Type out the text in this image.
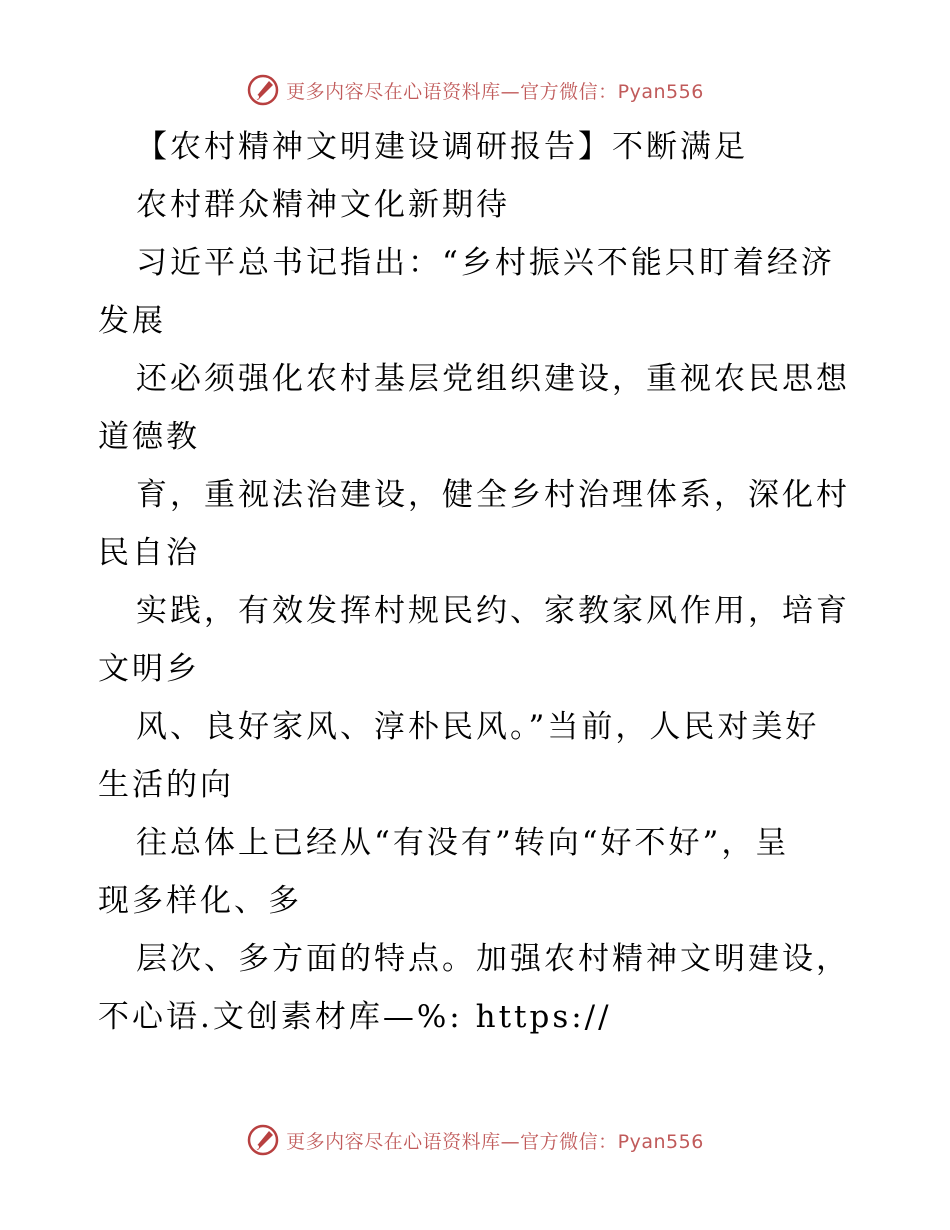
更多内容尽在心语资料库—官方微信：Pyan556
【农村精神文明建设调研报告】不断满足
农村群众精神文化新期待
习近平总书记指出：“乡村振兴不能只盯着经济
发展
还必须强化农村基层党组织建设，重视农民思想
道德教
育，重视法治建设，健全乡村治理体系，深化村
民自治
实践，有效发挥村规民约、家教家风作用，培育
文明乡
风、良好家风、淳朴民风。”当前，人民对美好
生活的向
往总体上已经从“有没有”转向“好不好”，呈
现多样化、多
层次、多方面的特点。加强农村精神文明建设，
不心语.文创素材库—%: https://
更多内容尽在心语资料库—官方微信：Pyan556
